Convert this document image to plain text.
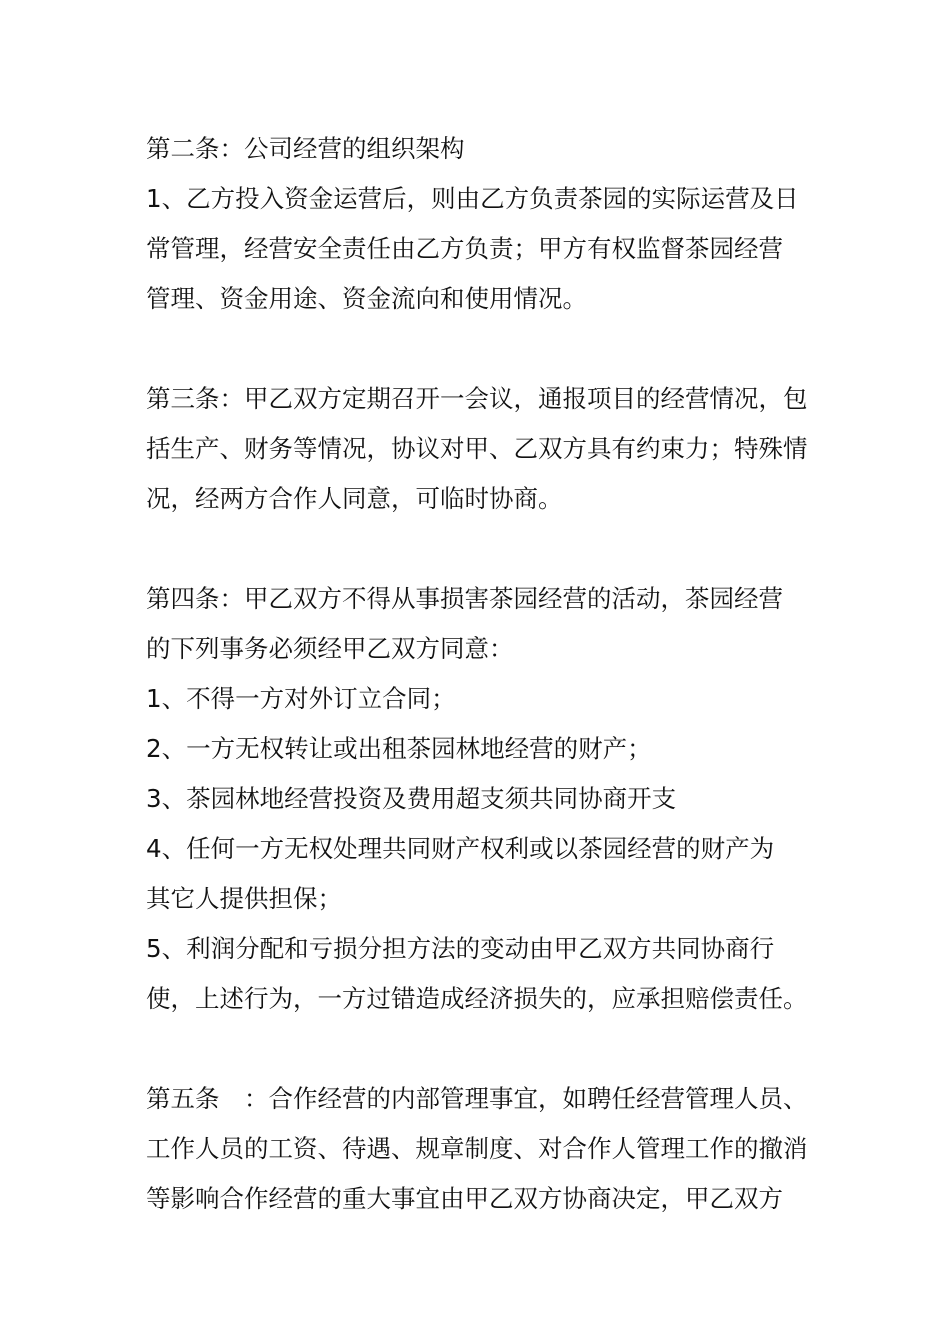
第二条：公司经营的组织架构
1、乙方投入资金运营后，则由乙方负责茶园的实际运营及日
常管理，经营安全责任由乙方负责；甲方有权监督茶园经营
管理、资金用途、资金流向和使用情况。
第三条：甲乙双方定期召开一会议，通报项目的经营情况，包
括生产、财务等情况，协议对甲、乙双方具有约束力；特殊情
况，经两方合作人同意，可临时协商。
第四条：甲乙双方不得从事损害茶园经营的活动，茶园经营
的下列事务必须经甲乙双方同意：
1、不得一方对外订立合同；
2、一方无权转让或出租茶园林地经营的财产；
3、茶园林地经营投资及费用超支须共同协商开支
4、任何一方无权处理共同财产权利或以茶园经营的财产为
其它人提供担保；
5、利润分配和亏损分担方法的变动由甲乙双方共同协商行
使，上述行为，一方过错造成经济损失的，应承担赔偿责任。
第五条　：合作经营的内部管理事宜，如聘任经营管理人员、
工作人员的工资、待遇、规章制度、对合作人管理工作的撤消
等影响合作经营的重大事宜由甲乙双方协商决定，甲乙双方
